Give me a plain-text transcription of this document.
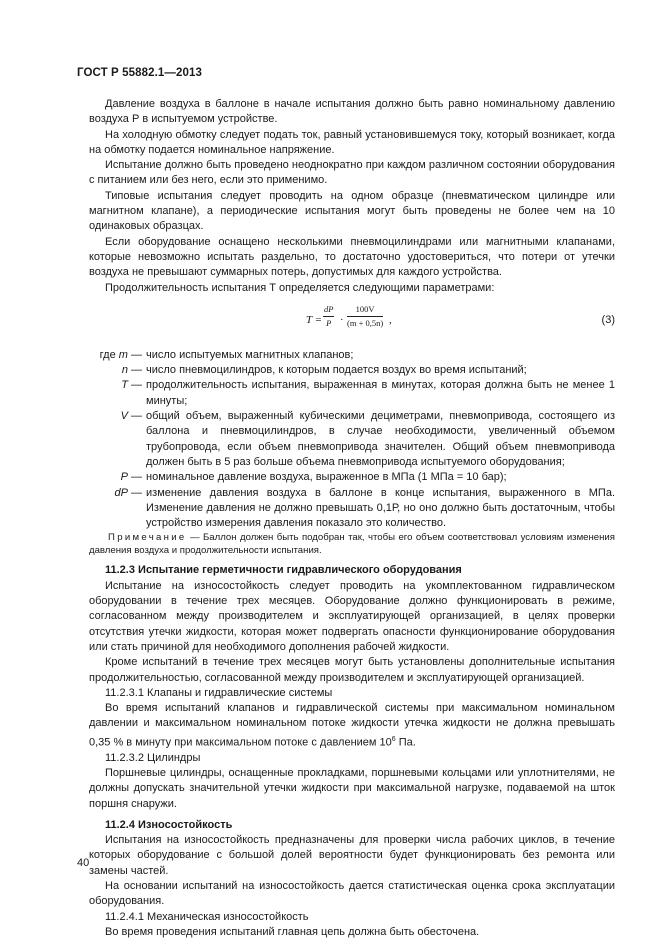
ГОСТ Р 55882.1—2013

Давление воздуха в баллоне в начале испытания должно быть равно номинальному давлению воздуха Р в испытуемом устройстве.

На холодную обмотку следует подать ток, равный установившемуся току, который возникает, когда на обмотку подается номинальное напряжение.

Испытание должно быть проведено неоднократно при каждом различном состоянии оборудования с питанием или без него, если это применимо.

Типовые испытания следует проводить на одном образце (пневматическом цилиндре или магнитном клапане), а периодические испытания могут быть проведены не более чем на 10 одинаковых образцах.

Если оборудование оснащено несколькими пневмоцилиндрами или магнитными клапанами, которые невозможно испытать раздельно, то достаточно удостовериться, что потери от утечки воздуха не превышают суммарных потерь, допустимых для каждого устройства.

Продолжительность испытания Т определяется следующими параметрами:

$T = \frac{dP}{P} \cdot \frac{100V}{(m + 0,5n)}$ ,	(3)
где m — число испытуемых магнитных клапанов;
n — число пневмоцилиндров, к которым подается воздух во время испытаний;
T — продолжительность испытания, выраженная в минутах, которая должна быть не менее 1 минуты;
V — общий объем, выраженный кубическими дециметрами, пневмопривода, состоящего из баллона и пневмоцилиндров, в случае необходимости, увеличенный объемом трубопровода, если объем пневмопривода значителен. Общий объем пневмопривода должен быть в 5 раз больше объема пневмопривода испытуемого оборудования;
P — номинальное давление воздуха, выраженное в МПа (1 МПа = 10 бар);
dP — изменение давления воздуха в баллоне в конце испытания, выраженного в МПа. Изменение давления не должно превышать 0,1Р, но оно должно быть достаточным, чтобы устройство измерения давления показало это количество.

Примечание — Баллон должен быть подобран так, чтобы его объем соответствовал условиям изменения давления воздуха и продолжительности испытания.

11.2.3 Испытание герметичности гидравлического оборудования

Испытание на износостойкость следует проводить на укомплектованном гидравлическом оборудовании в течение трех месяцев. Оборудование должно функционировать в режиме, согласованном между производителем и эксплуатирующей организацией, в целях проверки отсутствия утечки жидкости, которая может подвергать опасности функционирование оборудования или стать причиной для необходимого дополнения рабочей жидкости.

Кроме испытаний в течение трех месяцев могут быть установлены дополнительные испытания продолжительностью, согласованной между производителем и эксплуатирующей организацией.

11.2.3.1 Клапаны и гидравлические системы

Во время испытаний клапанов и гидравлической системы при максимальном номинальном давлении и максимальном номинальном потоке жидкости утечка жидкости не должна превышать 0,35 % в минуту при максимальном потоке с давлением $10^6$ Па.

11.2.3.2 Цилиндры

Поршневые цилиндры, оснащенные прокладками, поршневыми кольцами или уплотнителями, не должны допускать значительной утечки жидкости при максимальной нагрузке, подаваемой на шток поршня снаружи.

11.2.4 Износостойкость

Испытания на износостойкость предназначены для проверки числа рабочих циклов, в течение которых оборудование с большой долей вероятности будет функционировать без ремонта или замены частей.

На основании испытаний на износостойкость дается статистическая оценка срока эксплуатации оборудования.

11.2.4.1 Механическая износостойкость

Во время проведения испытаний главная цепь должна быть обесточена.

40
